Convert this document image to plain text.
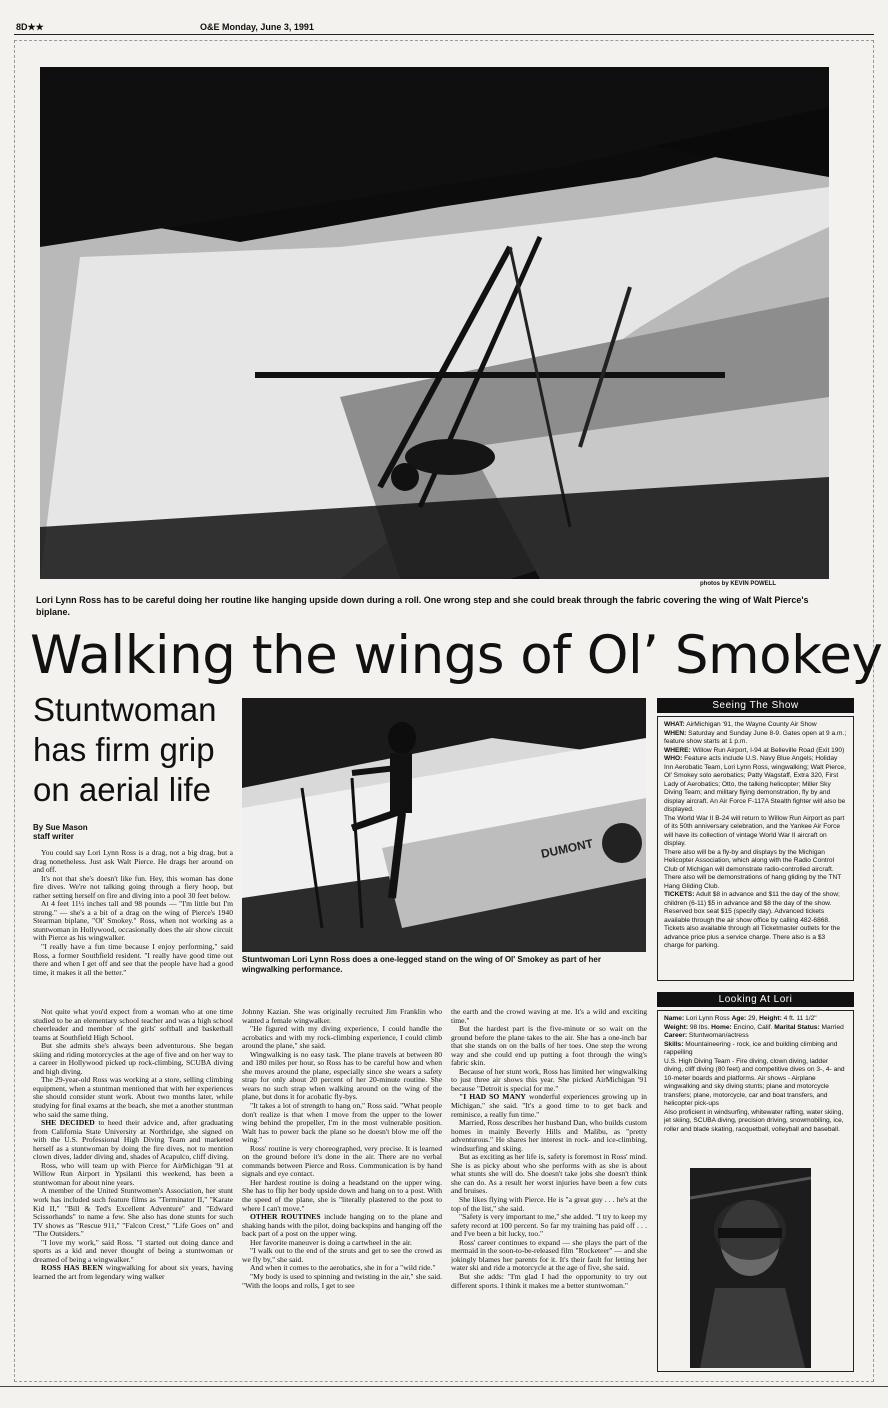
8D★★	O&E Monday, June 3, 1991
photos by KEVIN POWELL
Lori Lynn Ross has to be careful doing her routine like hanging upside down during a roll. One wrong step and she could break through the fabric covering the wing of Walt Pierce's biplane.
Walking the wings of Ol’ Smokey
Stuntwoman
has firm grip
on aerial life
By Sue Mason
staff writer

You could say Lori Lynn Ross is a drag, not a big drag, but a drag nonetheless. Just ask Walt Pierce. He drags her around on and off.

It's not that she's doesn't like fun. Hey, this woman has done fire dives. We're not talking going through a fiery hoop, but rather setting herself on fire and diving into a pool 30 feet below.

At 4 feet 11½ inches tall and 98 pounds — "I'm little but I'm strong." — she's a a bit of a drag on the wing of Pierce's 1940 Stearman biplane, "Ol' Smokey." Ross, when not working as a stuntwoman in Hollywood, occasionally does the air show circuit with Pierce as his wingwalker.

"I really have a fun time because I enjoy performing," said Ross, a former Southfield resident. "I really have good time out there and when I get off and see that the people have had a good time, it makes it all the better."

DUMONT
Stuntwoman Lori Lynn Ross does a one-legged stand on the wing of Ol' Smokey as part of her wingwalking performance.

Not quite what you'd expect from a woman who at one time studied to be an elementary school teacher and was a high school cheerleader and member of the girls' softball and basketball teams at Southfield High School.

But she admits she's always been adventurous. She began skiing and riding motorcycles at the age of five and on her way to a career in Hollywood picked up rock-climbing, SCUBA diving and high diving.

The 29-year-old Ross was working at a store, selling climbing equipment, when a stuntman mentioned that with her experiences she should consider stunt work. About two months later, while studying for final exams at the beach, she met a another stuntman who said the same thing.

SHE DECIDED to heed their advice and, after graduating from California State University at Northridge, she signed on with the U.S. Professional High Diving Team and marketed herself as a stuntwoman by doing the fire dives, not to mention clown dives, ladder diving and, shades of Acapulco, cliff diving.

Ross, who will team up with Pierce for AirMichigan '91 at Willow Run Airport in Ypsilanti this weekend, has been a stuntwoman for about nine years.

A member of the United Stuntwomen's Association, her stunt work has included such feature films as "Terminator II," "Karate Kid II," "Bill & Ted's Excellent Adventure" and "Edward Scissorhands" to name a few. She also has done stunts for such TV shows as "Rescue 911," "Falcon Crest," "Life Goes on" and "The Outsiders."

"I love my work," said Ross. "I started out doing dance and sports as a kid and never thought of being a stuntwoman or dreamed of being a wingwalker."

ROSS HAS BEEN wingwalking for about six years, having learned the art from legendary wing walker

Johnny Kazian. She was originally recruited Jim Franklin who wanted a female wingwalker.

"He figured with my diving experience, I could handle the acrobatics and with my rock-climbing experience, I could climb around the plane," she said.

Wingwalking is no easy task. The plane travels at between 80 and 180 miles per hour, so Ross has to be careful how and when she moves around the plane, especially since she wears a safety strap for only about 20 percent of her 20-minute routine. She wears no such strap when walking around on the wing of the plane, but dons it for acobatic fly-bys.

"It takes a lot of strength to hang on," Ross said. "What people don't realize is that when I move from the upper to the lower wing behind the propeller, I'm in the most vulnerable position. Walt has to power back the plane so he doesn't blow me off the wing."

Ross' routine is very choreographed, very precise. It is learned on the ground before it's done in the air. There are no verbal commands between Pierce and Ross. Communication is by hand signals and eye contact.

Her hardest routine is doing a headstand on the upper wing. She has to flip her body upside down and hang on to a post. With the speed of the plane, she is "literally plastered to the post to where I can't move."

OTHER ROUTINES include hanging on to the plane and shaking hands with the pilot, doing backspins and hanging off the back part of a post on the upper wing.

Her favorite maneuver is doing a cartwheel in the air.

"I walk out to the end of the struts and get to see the crowd as we fly by," she said.

And when it comes to the aerobatics, she in for a "wild ride."

"My body is used to spinning and twisting in the air," she said. "With the loops and rolls, I get to see

the earth and the crowd waving at me. It's a wild and exciting time."

But the hardest part is the five-minute or so wait on the ground before the plane takes to the air. She has a one-inch bar that she stands on on the balls of her toes. One step the wrong way and she could end up putting a foot through the wing's fabric skin.

Because of her stunt work, Ross has limited her wingwalking to just three air shows this year. She picked AirMichigan '91 because "Detroit is special for me."

"I HAD SO MANY wonderful experiences growing up in Michigan," she said. "It's a good time to to get back and reminisce, a really fun time."

Married, Ross describes her husband Dan, who builds custom homes in mainly Beverly Hills and Malibu, as "pretty adventurous." He shares her interest in rock- and ice-climbing, windsurfing and skiing.

But as exciting as her life is, safety is foremost in Ross' mind. She is as picky about who she performs with as she is about what stunts she will do. She doesn't take jobs she doesn't think she can do. As a result her worst injuries have been a few cuts and bruises.

She likes flying with Pierce. He is "a great guy . . . he's at the top of the list," she said.

"Safety is very important to me," she added. "I try to keep my safety record at 100 percent. So far my training has paid off . . . and I've been a bit lucky, too."

Ross' career continues to expand — she plays the part of the mermaid in the soon-to-be-released film "Rocketeer" — and she jokingly blames her parents for it. It's their fault for letting her water ski and ride a motorcycle at the age of five, she said.

But she adds: "I'm glad I had the opportunity to try out different sports. I think it makes me a better stuntwoman."

Seeing The Show

WHAT: AirMichigan '91, the Wayne County Air Show

WHEN: Saturday and Sunday June 8-9. Gates open at 9 a.m.; feature show starts at 1 p.m.

WHERE: Willow Run Airport, I-94 at Belleville Road (Exit 190)

WHO: Feature acts include U.S. Navy Blue Angels; Holiday Inn Aerobatic Team, Lori Lynn Ross, wingwalking; Walt Pierce, Ol' Smokey solo aerobatics; Patty Wagstaff, Extra 320, First Lady of Aerobatics; Otto, the talking helicopter; Miller Sky Diving Team; and military flying demonstration, fly by and display aircraft. An Air Force F-117A Stealth fighter will also be displayed.

The World War II B-24 will return to Willow Run Airport as part of its 50th anniversary celebration, and the Yankee Air Force will have its collection of vintage World War II aircraft on display.

There also will be a fly-by and displays by the Michigan Helicopter Association, which along with the Radio Control Club of Michigan will demonstrate radio-controlled aircraft. There also will be demonstrations of hang gliding by the TNT Hang Gliding Club.

TICKETS: Adult $8 in advance and $11 the day of the show; children (6-11) $5 in advance and $8 the day of the show. Reserved box seat $15 (specify day). Advanced tickets available through the air show office by calling 482-6868. Tickets also available through all Ticketmaster outlets for the advance price plus a service charge. There also is a $3 charge for parking.

Looking At Lori

Name: Lori Lynn Ross Age: 29, Height: 4 ft. 11 1/2"

Weight: 98 lbs. Home: Encino, Calif. Marital Status: Married Career: Stuntwoman/actress

Skills: Mountaineering - rock, ice and building climbing and rappelling

U.S. High Diving Team - Fire diving, clown diving, ladder diving, cliff diving (80 feet) and competitive dives on 3-, 4- and 10-meter boards and platforms. Air shows - Airplane wingwalking and sky diving stunts; plane and motorcycle transfers; plane, motorcycle, car and boat transfers, and helicopter pick-ups

Also proficient in windsurfing, whitewater rafting, water skiing, jet skiing, SCUBA diving, precision driving, snowmobiling, ice, roller and blade skating, racquetball, volleyball and baseball.
